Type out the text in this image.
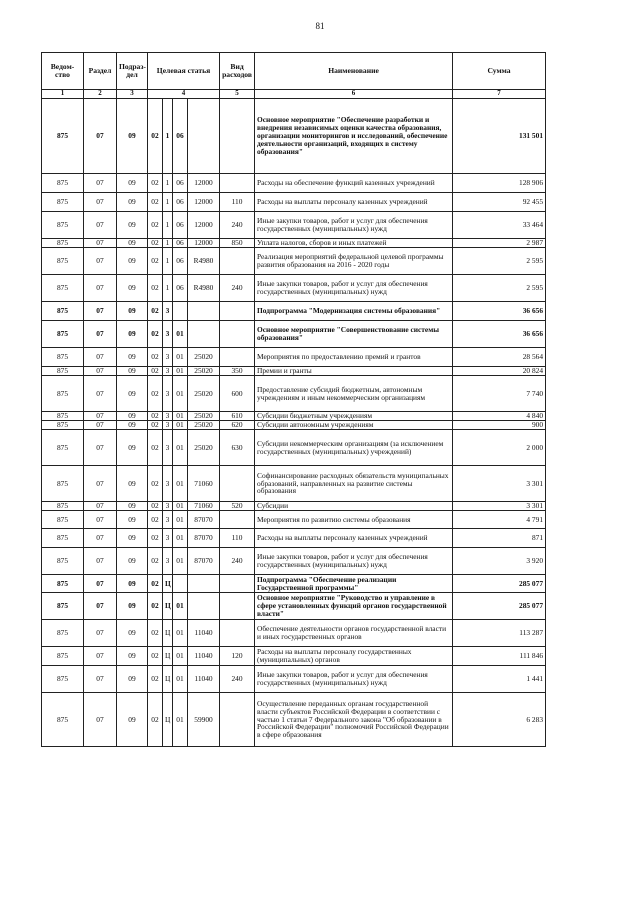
81
Ведом-ство	Раздел	Подраз-дел	Целевая статья				Вид расходов	Наименование	Сумма
1	2	3	4				5	6	7
875	07	09	02	1	06			Основное мероприятие "Обеспечение разработки и внедрения независимых оценки качества образования, организации мониторингов и исследований, обеспечение деятельности организаций, входящих в систему образования"	131 501
875	07	09	02	1	06	12000		Расходы на обеспечение функций казенных учреждений	128 906
875	07	09	02	1	06	12000	110	Расходы на выплаты персоналу казенных учреждений	92 455
875	07	09	02	1	06	12000	240	Иные закупки товаров, работ и услуг для обеспечения государственных (муниципальных) нужд	33 464
875	07	09	02	1	06	12000	850	Уплата налогов, сборов и иных платежей	2 987
875	07	09	02	1	06	R4980		Реализация мероприятий федеральной целевой программы развития образования на 2016 - 2020 годы	2 595
875	07	09	02	1	06	R4980	240	Иные закупки товаров, работ и услуг для обеспечения государственных (муниципальных) нужд	2 595
875	07	09	02	3				Подпрограмма "Модернизация системы образования"	36 656
875	07	09	02	3	01			Основное мероприятие "Совершенствование системы образования"	36 656
875	07	09	02	3	01	25020		Мероприятия по предоставлению премий и грантов	28 564
875	07	09	02	3	01	25020	350	Премии и гранты	20 824
875	07	09	02	3	01	25020	600	Предоставление субсидий бюджетным, автономным учреждениям и иным некоммерческим организациям	7 740
875	07	09	02	3	01	25020	610	Субсидии бюджетным учреждениям	4 840
875	07	09	02	3	01	25020	620	Субсидии автономным учреждениям	900
875	07	09	02	3	01	25020	630	Субсидии некоммерческим организациям (за исключением государственных (муниципальных) учреждений)	2 000
875	07	09	02	3	01	71060		Софинансирование расходных обязательств муниципальных образований, направленных на развитие системы образования	3 301
875	07	09	02	3	01	71060	520	Субсидии	3 301
875	07	09	02	3	01	87070		Мероприятия по развитию системы образования	4 791
875	07	09	02	3	01	87070	110	Расходы на выплаты персоналу казенных учреждений	871
875	07	09	02	3	01	87070	240	Иные закупки товаров, работ и услуг для обеспечения государственных (муниципальных) нужд	3 920
875	07	09	02	Ц				Подпрограмма "Обеспечение реализации Государственной программы"	285 077
875	07	09	02	Ц	01			Основное мероприятие "Руководство и управление в сфере установленных функций органов государственной власти"	285 077
875	07	09	02	Ц	01	11040		Обеспечение деятельности органов государственной власти и иных государственных органов	113 287
875	07	09	02	Ц	01	11040	120	Расходы на выплаты персоналу государственных (муниципальных) органов	111 846
875	07	09	02	Ц	01	11040	240	Иные закупки товаров, работ и услуг для обеспечения государственных (муниципальных) нужд	1 441
875	07	09	02	Ц	01	59900		Осуществление переданных органам государственной власти субъектов Российской Федерации в соответствии с частью 1 статьи 7 Федерального закона "Об образовании в Российской Федерации" полномочий Российской Федерации в сфере образования	6 283
